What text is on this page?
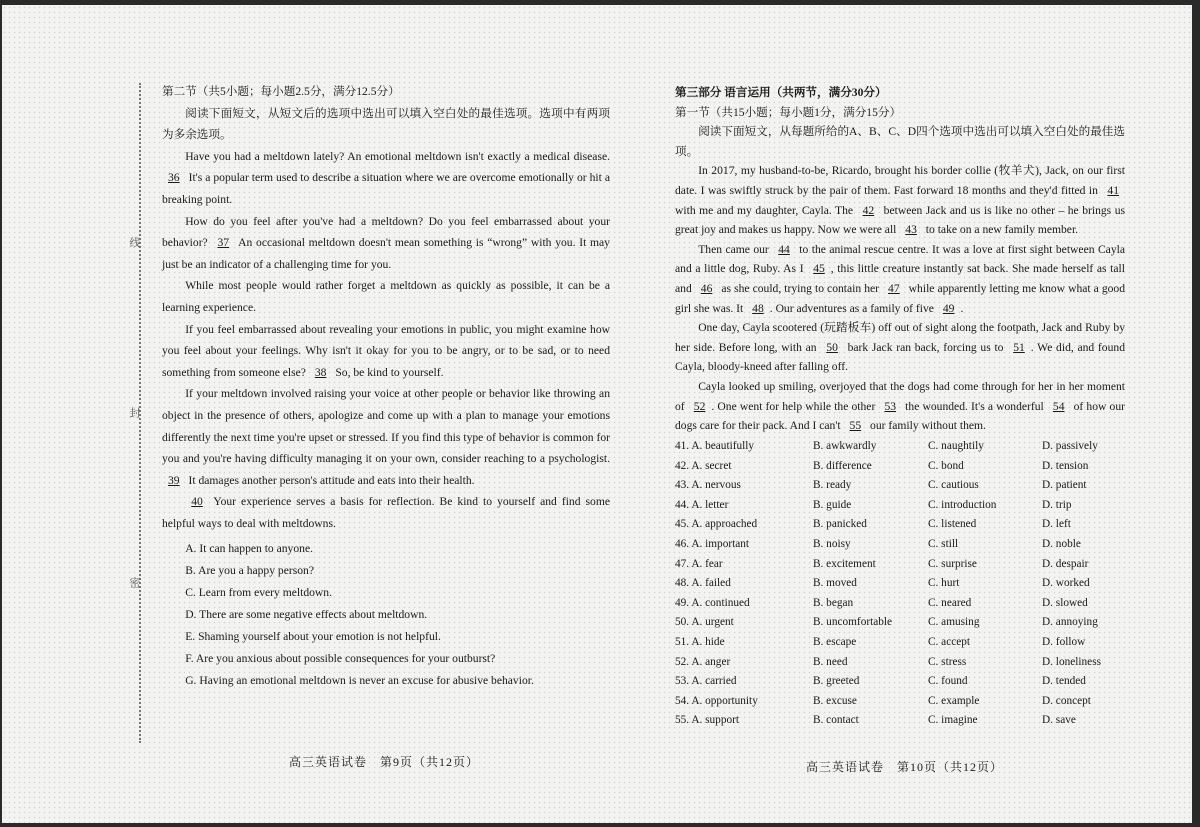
线
封
密

第二节（共5小题；每小题2.5分，满分12.5分）

阅读下面短文，从短文后的选项中选出可以填入空白处的最佳选项。选项中有两项为多余选项。

Have you had a meltdown lately? An emotional meltdown isn't exactly a medical disease. 36 It's a popular term used to describe a situation where we are overcome emotionally or hit a breaking point.

How do you feel after you've had a meltdown? Do you feel embarrassed about your behavior? 37 An occasional meltdown doesn't mean something is “wrong” with you. It may just be an indicator of a challenging time for you.

While most people would rather forget a meltdown as quickly as possible, it can be a learning experience.

If you feel embarrassed about revealing your emotions in public, you might examine how you feel about your feelings. Why isn't it okay for you to be angry, or to be sad, or to need something from someone else? 38 So, be kind to yourself.

If your meltdown involved raising your voice at other people or behavior like throwing an object in the presence of others, apologize and come up with a plan to manage your emotions differently the next time you're upset or stressed. If you find this type of behavior is common for you and you're having difficulty managing it on your own, consider reaching to a psychologist. 39 It damages another person's attitude and eats into their health.

40 Your experience serves a basis for reflection. Be kind to yourself and find some helpful ways to deal with meltdowns.

A. It can happen to anyone.

B. Are you a happy person?

C. Learn from every meltdown.

D. There are some negative effects about meltdown.

E. Shaming yourself about your emotion is not helpful.

F. Are you anxious about possible consequences for your outburst?

G. Having an emotional meltdown is never an excuse for abusive behavior.

第三部分 语言运用（共两节，满分30分）

第一节（共15小题；每小题1分，满分15分）

阅读下面短文，从每题所给的A、B、C、D四个选项中选出可以填入空白处的最佳选项。

In 2017, my husband-to-be, Ricardo, brought his border collie (牧羊犬), Jack, on our first date. I was swiftly struck by the pair of them. Fast forward 18 months and they'd fitted in 41 with me and my daughter, Cayla. The 42 between Jack and us is like no other – he brings us great joy and makes us happy. Now we were all 43 to take on a new family member.

Then came our 44 to the animal rescue centre. It was a love at first sight between Cayla and a little dog, Ruby. As I 45 , this little creature instantly sat back. She made herself as tall and 46 as she could, trying to contain her 47 while apparently letting me know what a good girl she was. It 48 . Our adventures as a family of five 49 .

One day, Cayla scootered (玩踏板车) off out of sight along the footpath, Jack and Ruby by her side. Before long, with an 50 bark Jack ran back, forcing us to 51 . We did, and found Cayla, bloody-kneed after falling off.

Cayla looked up smiling, overjoyed that the dogs had come through for her in her moment of 52 . One went for help while the other 53 the wounded. It's a wonderful 54 of how our dogs care for their pack. And I can't 55 our family without them.

41. A. beautifully	B. awkwardly	C. naughtily	D. passively
42. A. secret	B. difference	C. bond	D. tension
43. A. nervous	B. ready	C. cautious	D. patient
44. A. letter	B. guide	C. introduction	D. trip
45. A. approached	B. panicked	C. listened	D. left
46. A. important	B. noisy	C. still	D. noble
47. A. fear	B. excitement	C. surprise	D. despair
48. A. failed	B. moved	C. hurt	D. worked
49. A. continued	B. began	C. neared	D. slowed
50. A. urgent	B. uncomfortable	C. amusing	D. annoying
51. A. hide	B. escape	C. accept	D. follow
52. A. anger	B. need	C. stress	D. loneliness
53. A. carried	B. greeted	C. found	D. tended
54. A. opportunity	B. excuse	C. example	D. concept
55. A. support	B. contact	C. imagine	D. save
高三英语试卷　第9页（共12页）	高三英语试卷　第10页（共12页）
